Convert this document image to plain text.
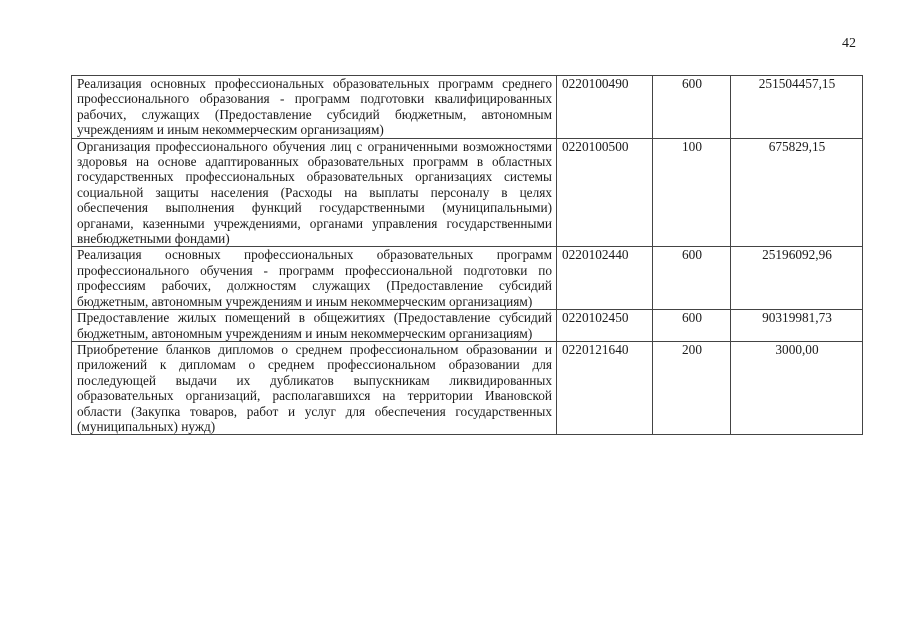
42
Реализация основных профессиональных образовательных программ среднего профессионального образования - программ подготовки квалифицированных рабочих, служащих (Предоставление субсидий бюджетным, автономным учреждениям и иным некоммерческим организациям)	0220100490	600	251504457,15
Организация профессионального обучения лиц с ограниченными возможностями здоровья на основе адаптированных образовательных программ в областных государственных профессиональных образовательных организациях системы социальной защиты населения (Расходы на выплаты персоналу в целях обеспечения выполнения функций государственными (муниципальными) органами, казенными учреждениями, органами управления государственными внебюджетными фондами)	0220100500	100	675829,15
Реализация основных профессиональных образовательных программ профессионального обучения - программ профессиональной подготовки по профессиям рабочих, должностям служащих (Предоставление субсидий бюджетным, автономным учреждениям и иным некоммерческим организациям)	0220102440	600	25196092,96
Предоставление жилых помещений в общежитиях (Предоставление субсидий бюджетным, автономным учреждениям и иным некоммерческим организациям)	0220102450	600	90319981,73
Приобретение бланков дипломов о среднем профессиональном образовании и приложений к дипломам о среднем профессиональном образовании для последующей выдачи их дубликатов выпускникам ликвидированных образовательных организаций, располагавшихся на территории Ивановской области (Закупка товаров, работ и услуг для обеспечения государственных (муниципальных) нужд)	0220121640	200	3000,00
